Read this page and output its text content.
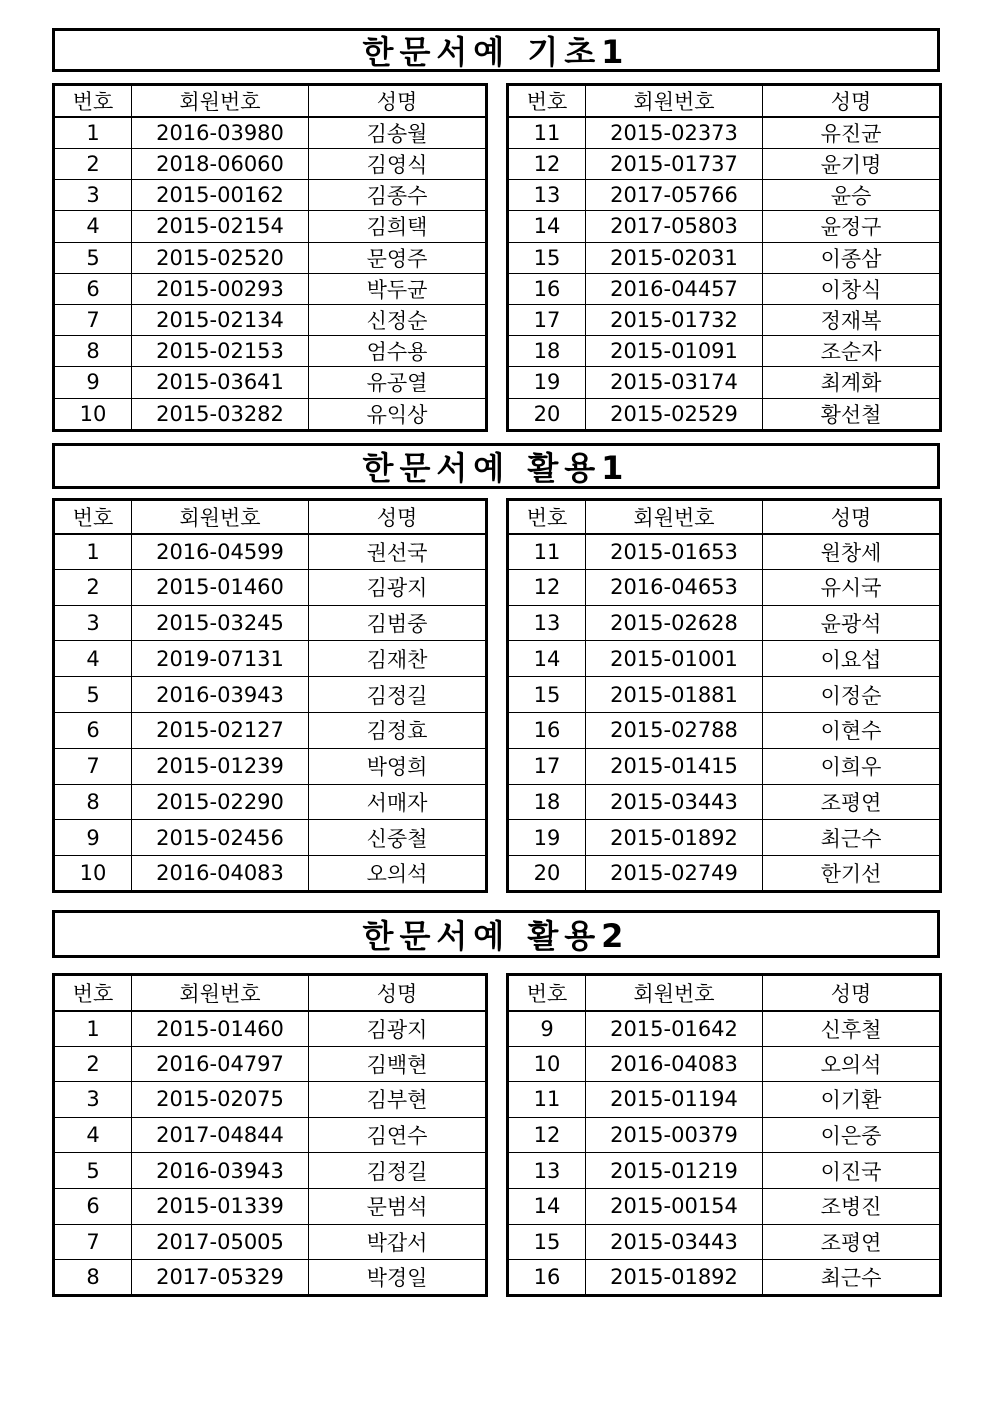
한문서예 기초1
번호	회원번호	성명
1	2016-03980	김송월
2	2018-06060	김영식
3	2015-00162	김종수
4	2015-02154	김희택
5	2015-02520	문영주
6	2015-00293	박두균
7	2015-02134	신정순
8	2015-02153	엄수용
9	2015-03641	유공열
10	2015-03282	유익상
번호	회원번호	성명
11	2015-02373	유진균
12	2015-01737	윤기명
13	2017-05766	윤승
14	2017-05803	윤정구
15	2015-02031	이종삼
16	2016-04457	이창식
17	2015-01732	정재복
18	2015-01091	조순자
19	2015-03174	최계화
20	2015-02529	황선철
한문서예 활용1
번호	회원번호	성명
1	2016-04599	권선국
2	2015-01460	김광지
3	2015-03245	김범중
4	2019-07131	김재찬
5	2016-03943	김정길
6	2015-02127	김정효
7	2015-01239	박영희
8	2015-02290	서매자
9	2015-02456	신중철
10	2016-04083	오의석
번호	회원번호	성명
11	2015-01653	원창세
12	2016-04653	유시국
13	2015-02628	윤광석
14	2015-01001	이요섭
15	2015-01881	이정순
16	2015-02788	이현수
17	2015-01415	이희우
18	2015-03443	조평연
19	2015-01892	최근수
20	2015-02749	한기선
한문서예 활용2
번호	회원번호	성명
1	2015-01460	김광지
2	2016-04797	김백현
3	2015-02075	김부현
4	2017-04844	김연수
5	2016-03943	김정길
6	2015-01339	문범석
7	2017-05005	박갑서
8	2017-05329	박경일
번호	회원번호	성명
9	2015-01642	신후철
10	2016-04083	오의석
11	2015-01194	이기환
12	2015-00379	이은중
13	2015-01219	이진국
14	2015-00154	조병진
15	2015-03443	조평연
16	2015-01892	최근수
